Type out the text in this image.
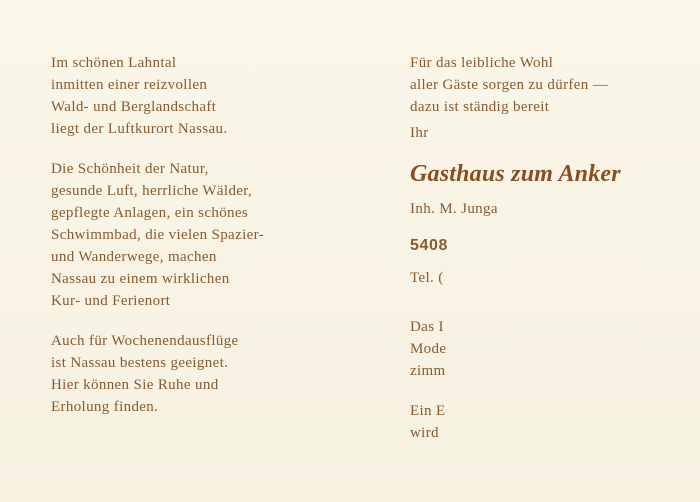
Im schönen Lahntal
inmitten einer reizvollen
Wald- und Berglandschaft
liegt der Luftkurort Nassau.

Die Schönheit der Natur,
gesunde Luft, herrliche Wälder,
gepflegte Anlagen, ein schönes
Schwimmbad, die vielen Spazier-
und Wanderwege, machen
Nassau zu einem wirklichen
Kur- und Ferienort

Auch für Wochenendausflüge
ist Nassau bestens geeignet.
Hier können Sie Ruhe und
Erholung finden.

Für das leibliche Wohl
aller Gäste sorgen zu dürfen —
dazu ist ständig bereit
Ihr

Gasthaus zum Anker

Inh. M. Junga

5408
Tel. (
Das I
Mode
zimm
Ein E
wird
